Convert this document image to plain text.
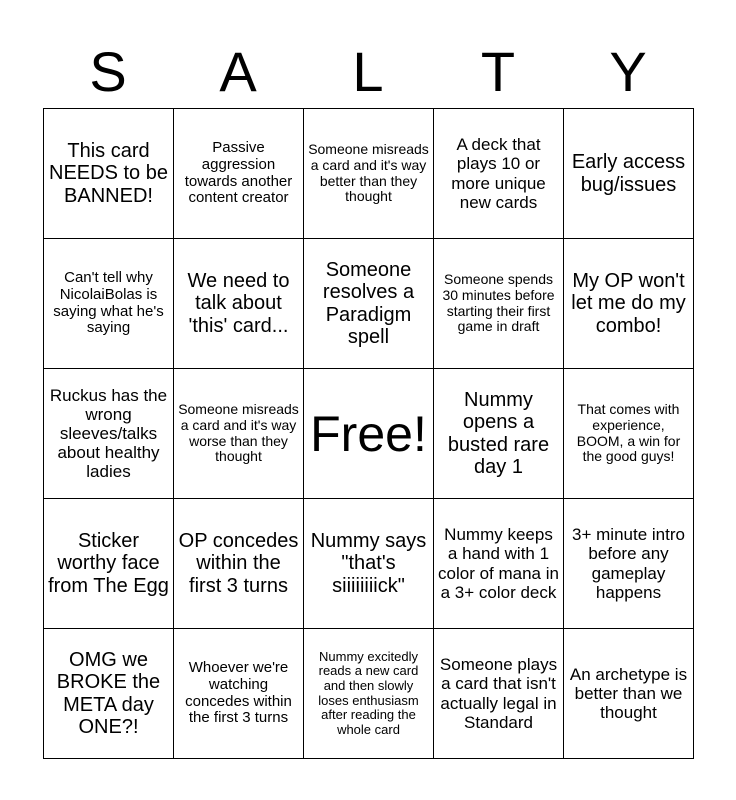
S	A	L	T	Y
This card NEEDS to be BANNED!	Passive aggression towards another content creator	Someone misreads a card and it's way better than they thought	A deck that plays 10 or more unique new cards	Early access bug/issues
Can't tell why NicolaiBolas is saying what he's saying	We need to talk about 'this' card...	Someone resolves a Paradigm spell	Someone spends 30 minutes before starting their first game in draft	My OP won't let me do my combo!
Ruckus has the wrong sleeves/talks about healthy ladies	Someone misreads a card and it's way worse than they thought	Free!	Nummy opens a busted rare day 1	That comes with experience, BOOM, a win for the good guys!
Sticker worthy face from The Egg	OP concedes within the first 3 turns	Nummy says "that's siiiiiiiick"	Nummy keeps a hand with 1 color of mana in a 3+ color deck	3+ minute intro before any gameplay happens
OMG we BROKE the META day ONE?!	Whoever we're watching concedes within the first 3 turns	Nummy excitedly reads a new card and then slowly loses enthusiasm after reading the whole card	Someone plays a card that isn't actually legal in Standard	An archetype is better than we thought
